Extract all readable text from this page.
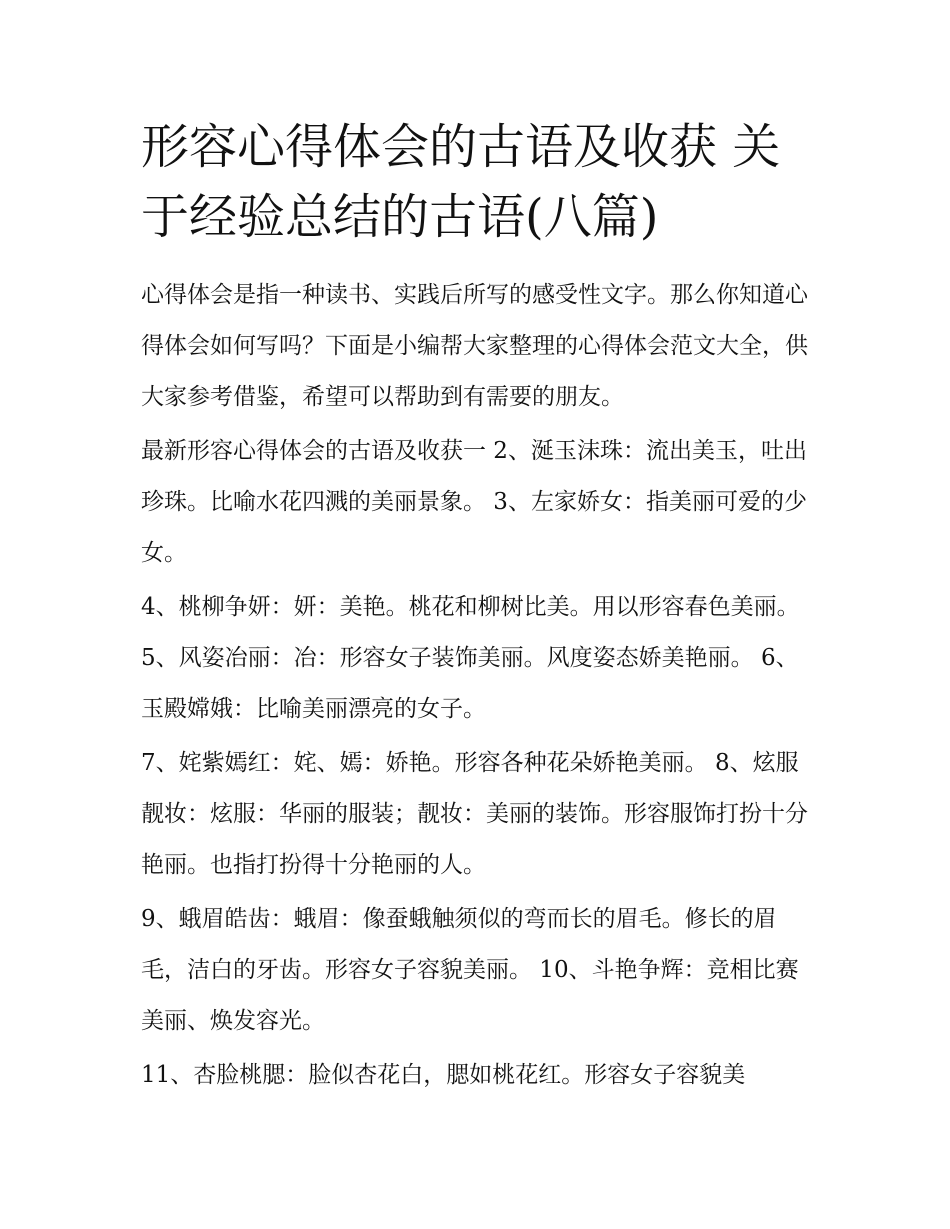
形容心得体会的古语及收获 关于经验总结的古语(八篇)

心得体会是指一种读书、实践后所写的感受性文字。那么你知道心得体会如何写吗？下面是小编帮大家整理的心得体会范文大全，供大家参考借鉴，希望可以帮助到有需要的朋友。

最新形容心得体会的古语及收获一 2、涎玉沫珠：流出美玉，吐出珍珠。比喻水花四溅的美丽景象。 3、左家娇女：指美丽可爱的少女。

4、桃柳争妍：妍：美艳。桃花和柳树比美。用以形容春色美丽。 5、风姿冶丽：冶：形容女子装饰美丽。风度姿态娇美艳丽。 6、玉殿嫦娥：比喻美丽漂亮的女子。

7、姹紫嫣红：姹、嫣：娇艳。形容各种花朵娇艳美丽。 8、炫服靓妆：炫服：华丽的服装；靓妆：美丽的装饰。形容服饰打扮十分艳丽。也指打扮得十分艳丽的人。

9、蛾眉皓齿：蛾眉：像蚕蛾触须似的弯而长的眉毛。修长的眉毛，洁白的牙齿。形容女子容貌美丽。 10、斗艳争辉：竞相比赛美丽、焕发容光。

11、杏脸桃腮：脸似杏花白，腮如桃花红。形容女子容貌美
